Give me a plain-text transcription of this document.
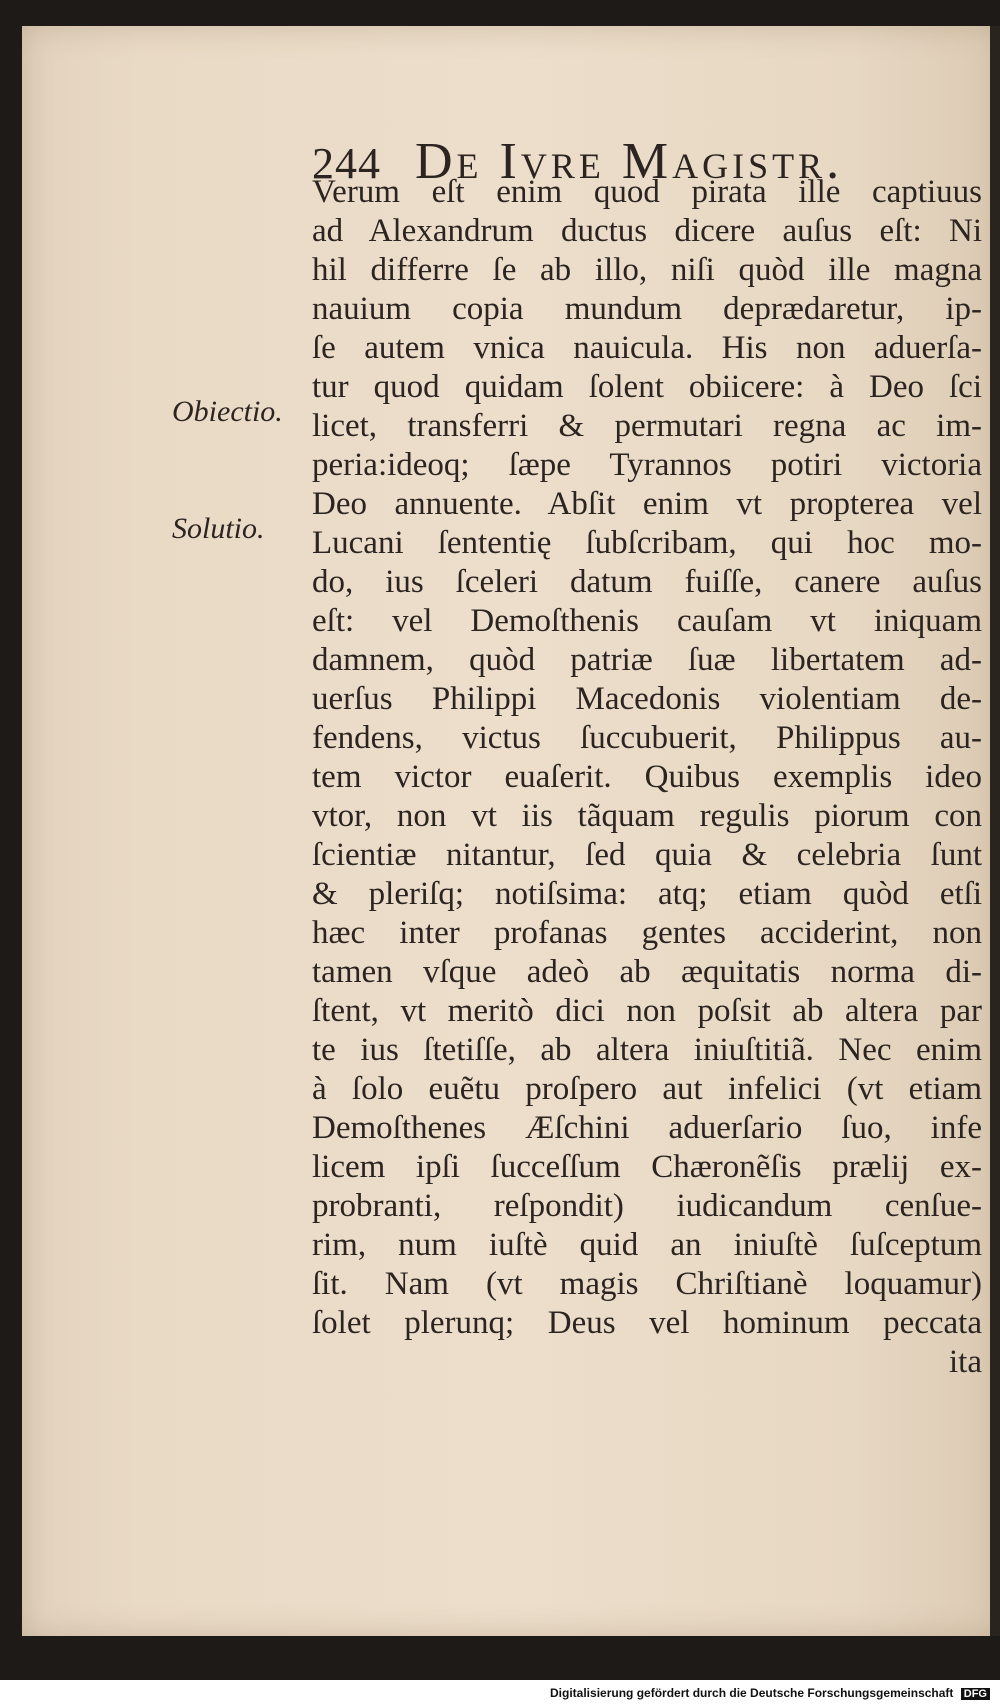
244 De Ivre Magistr.
Obiectio.
Solutio.
Verum eſt enim quod pirata ille captiuus
ad Alexandrum ductus dicere auſus eſt: Ni
hil differre ſe ab illo, niſi quòd ille magna
nauium copia mundum deprædaretur, ip-
ſe autem vnica nauicula. His non aduerſa-
tur quod quidam ſolent obiicere: à Deo ſci
licet, transferri & permutari regna ac im-
peria:ideoq; ſæpe Tyrannos potiri victoria
Deo annuente. Abſit enim vt propterea vel
Lucani ſententię ſubſcribam, qui hoc mo-
do, ius ſceleri datum fuiſſe, canere auſus
eſt: vel Demoſthenis cauſam vt iniquam
damnem, quòd patriæ ſuæ libertatem ad-
uerſus Philippi Macedonis violentiam de-
fendens, victus ſuccubuerit, Philippus au-
tem victor euaſerit. Quibus exemplis ideo
vtor, non vt iis tãquam regulis piorum con
ſcientiæ nitantur, ſed quia & celebria ſunt
& pleriſq; notiſsima: atq; etiam quòd etſi
hæc inter profanas gentes acciderint, non
tamen vſque adeò ab æquitatis norma di-
ſtent, vt meritò dici non poſsit ab altera par
te ius ſtetiſſe, ab altera iniuſtitiã. Nec enim
à ſolo euẽtu proſpero aut infelici (vt etiam
Demoſthenes Æſchini aduerſario ſuo, infe
licem ipſi ſucceſſum Chæronẽſis prælij ex-
probranti, reſpondit) iudicandum cenſue-
rim, num iuſtè quid an iniuſtè ſuſceptum
ſit. Nam (vt magis Chriſtianè loquamur)
ſolet plerunq; Deus vel hominum peccata
ita
Digitalisierung gefördert durch die Deutsche Forschungsgemeinschaft DFG
